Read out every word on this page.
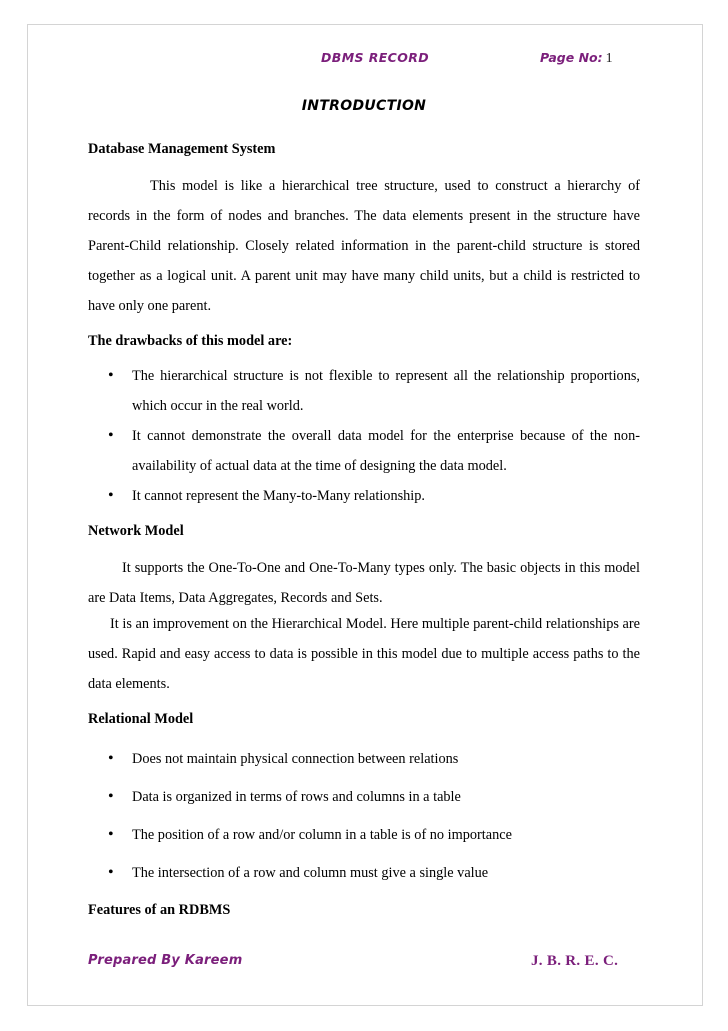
DBMS RECORD	Page No: 1
INTRODUCTION

Database Management System

This model is like a hierarchical tree structure, used to construct a hierarchy of records in the form of nodes and branches. The data elements present in the structure have Parent-Child relationship. Closely related information in the parent-child structure is stored together as a logical unit. A parent unit may have many child units, but a child is restricted to have only one parent.

The drawbacks of this model are:

• The hierarchical structure is not flexible to represent all the relationship proportions, which occur in the real world.
• It cannot demonstrate the overall data model for the enterprise because of the non-availability of actual data at the time of designing the data model.
• It cannot represent the Many-to-Many relationship.

Network Model

It supports the One-To-One and One-To-Many types only. The basic objects in this model are Data Items, Data Aggregates, Records and Sets.

It is an improvement on the Hierarchical Model. Here multiple parent-child relationships are used. Rapid and easy access to data is possible in this model due to multiple access paths to the data elements.

Relational Model

• Does not maintain physical connection between relations
• Data is organized in terms of rows and columns in a table
• The position of a row and/or column in a table is of no importance
• The intersection of a row and column must give a single value

Features of an RDBMS

Prepared By Kareem	J. B. R. E. C.
